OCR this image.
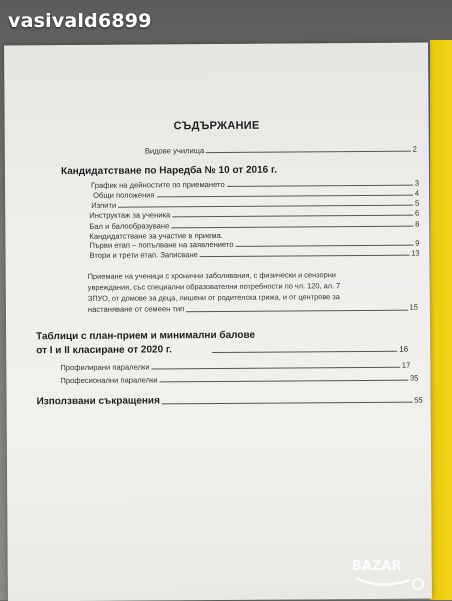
СЪДЪРЖАНИЕ
Видове училища	2
Кандидатстване по Наредба № 10 от 2016 г.
График на дейностите по приемането	3
Общи положения	4
Изпити	5
Инструктаж за ученика	6
Бал и балообразуване	8
Кандидатстване за участие в приема.
Първи етап – попълване на заявлението	9
Втори и трети етап. Записване	13
Приемане на ученици с хронични заболявания, с физически и сензорни
увреждания, със специални образователни потребности по чл. 120, ал. 7
ЗПУО, от домове за деца, лишени от родителска грижа, и от центрове за
настаняване от семеен тип	15
Таблици с план-прием и минимални балове
от I и II класиране от 2020 г.	16
Профилирани паралелки	17
Професионални паралелки	35
Използвани съкращения	55
vasivald6899
BAZAR
